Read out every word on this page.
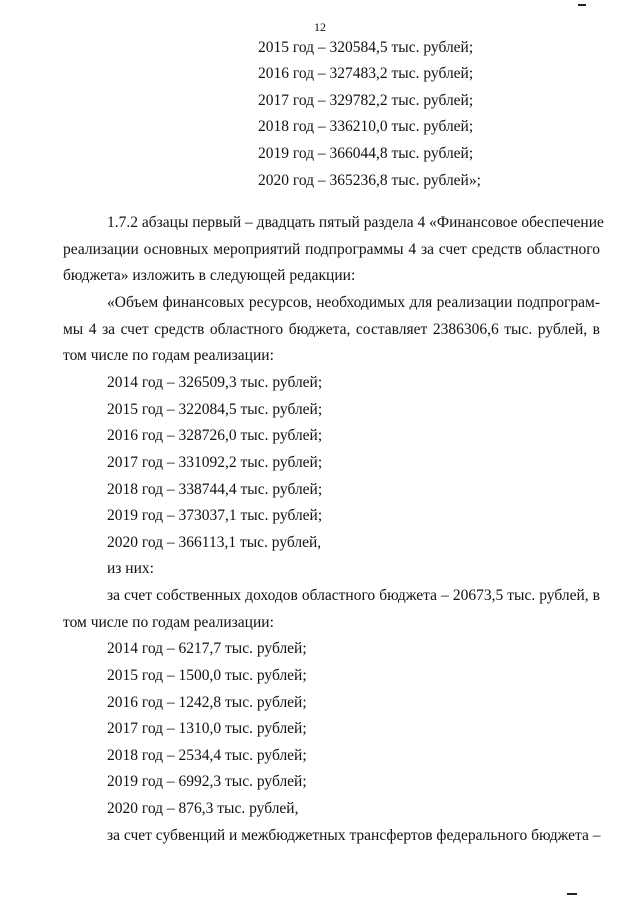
12
2015 год – 320584,5 тыс. рублей;
2016 год – 327483,2 тыс. рублей;
2017 год – 329782,2 тыс. рублей;
2018 год – 336210,0 тыс. рублей;
2019 год – 366044,8 тыс. рублей;
2020 год – 365236,8 тыс. рублей»;
1.7.2 абзацы первый – двадцать пятый раздела 4 «Финансовое обеспечение
реализации основных мероприятий подпрограммы 4 за счет средств областного
бюджета» изложить в следующей редакции:
«Объем финансовых ресурсов, необходимых для реализации подпрограм-
мы 4 за счет средств областного бюджета, составляет 2386306,6 тыс. рублей, в
том числе по годам реализации:
2014 год – 326509,3 тыс. рублей;
2015 год – 322084,5 тыс. рублей;
2016 год – 328726,0 тыс. рублей;
2017 год – 331092,2 тыс. рублей;
2018 год – 338744,4 тыс. рублей;
2019 год – 373037,1 тыс. рублей;
2020 год – 366113,1 тыс. рублей,
из них:
за счет собственных доходов областного бюджета – 20673,5 тыс. рублей, в
том числе по годам реализации:
2014 год – 6217,7 тыс. рублей;
2015 год – 1500,0 тыс. рублей;
2016 год – 1242,8 тыс. рублей;
2017 год – 1310,0 тыс. рублей;
2018 год – 2534,4 тыс. рублей;
2019 год – 6992,3 тыс. рублей;
2020 год – 876,3 тыс. рублей,
за счет субвенций и межбюджетных трансфертов федерального бюджета –
